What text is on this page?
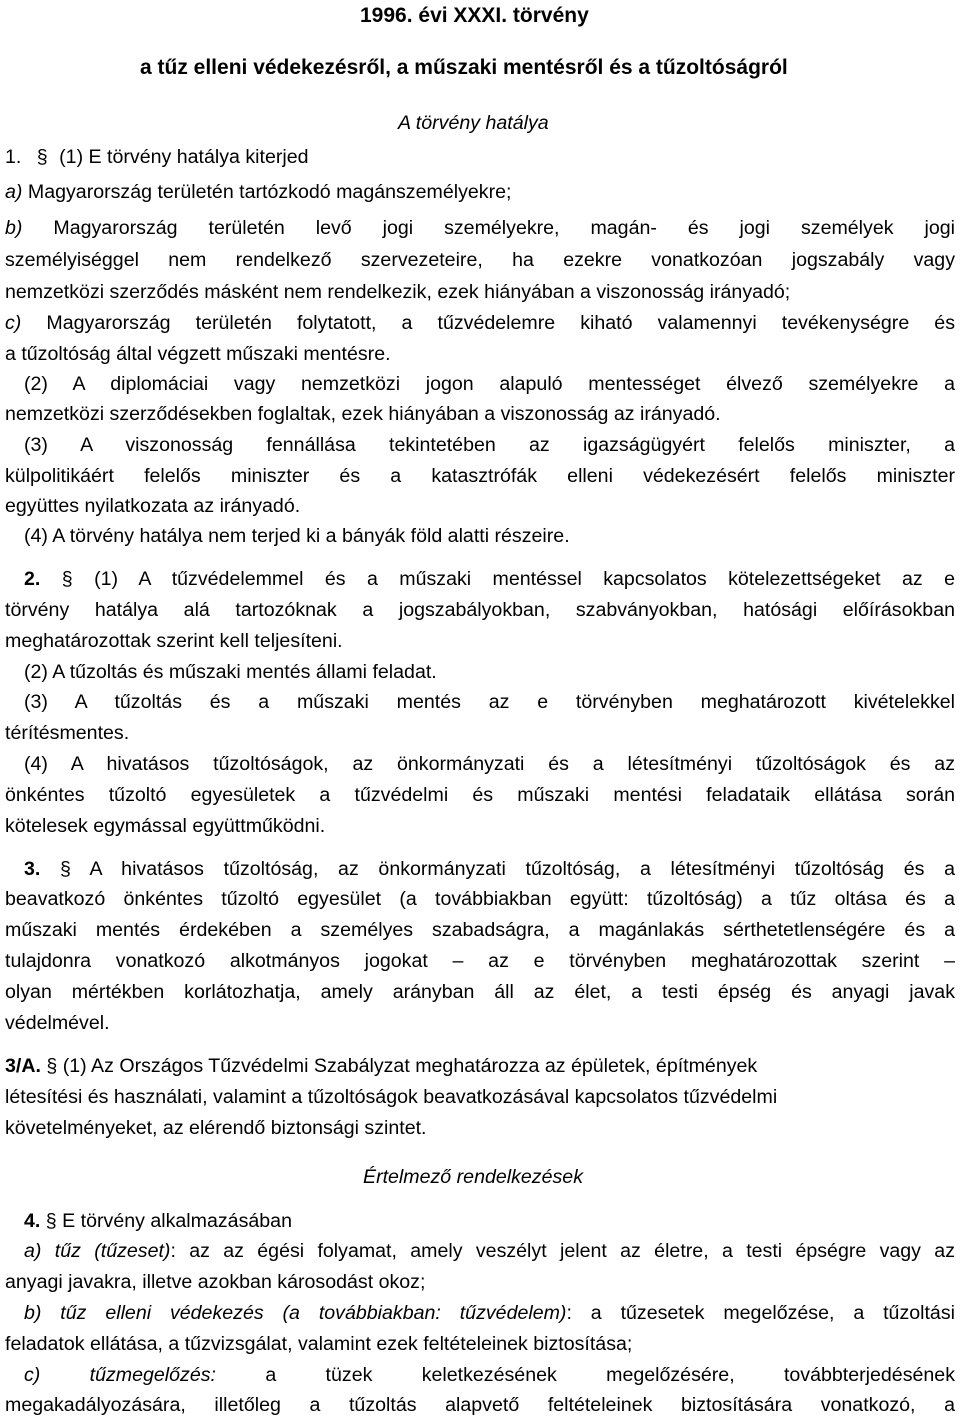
1996. évi XXXI. törvény
a tűz elleni védekezésről, a műszaki mentésről és a tűzoltóságról
A törvény hatálya
1. § (1) E törvény hatálya kiterjed
a) Magyarország területén tartózkodó magánszemélyekre;
b) Magyarország területén levő jogi személyekre, magán- és jogi személyek jogi
személyiséggel nem rendelkező szervezeteire, ha ezekre vonatkozóan jogszabály vagy
nemzetközi szerződés másként nem rendelkezik, ezek hiányában a viszonosság irányadó;
c) Magyarország területén folytatott, a tűzvédelemre kiható valamennyi tevékenységre és
a tűzoltóság által végzett műszaki mentésre.
(2) A diplomáciai vagy nemzetközi jogon alapuló mentességet élvező személyekre a
nemzetközi szerződésekben foglaltak, ezek hiányában a viszonosság az irányadó.
(3) A viszonosság fennállása tekintetében az igazságügyért felelős miniszter, a
külpolitikáért felelős miniszter és a katasztrófák elleni védekezésért felelős miniszter
együttes nyilatkozata az irányadó.
(4) A törvény hatálya nem terjed ki a bányák föld alatti részeire.
2. § (1) A tűzvédelemmel és a műszaki mentéssel kapcsolatos kötelezettségeket az e
törvény hatálya alá tartozóknak a jogszabályokban, szabványokban, hatósági előírásokban
meghatározottak szerint kell teljesíteni.
(2) A tűzoltás és műszaki mentés állami feladat.
(3) A tűzoltás és a műszaki mentés az e törvényben meghatározott kivételekkel
térítésmentes.
(4) A hivatásos tűzoltóságok, az önkormányzati és a létesítményi tűzoltóságok és az
önkéntes tűzoltó egyesületek a tűzvédelmi és műszaki mentési feladataik ellátása során
kötelesek egymással együttműködni.
3. § A hivatásos tűzoltóság, az önkormányzati tűzoltóság, a létesítményi tűzoltóság és a
beavatkozó önkéntes tűzoltó egyesület (a továbbiakban együtt: tűzoltóság) a tűz oltása és a
műszaki mentés érdekében a személyes szabadságra, a magánlakás sérthetetlenségére és a
tulajdonra vonatkozó alkotmányos jogokat – az e törvényben meghatározottak szerint –
olyan mértékben korlátozhatja, amely arányban áll az élet, a testi épség és anyagi javak
védelmével.
3/A. § (1) Az Országos Tűzvédelmi Szabályzat meghatározza az épületek, építmények
létesítési és használati, valamint a tűzoltóságok beavatkozásával kapcsolatos tűzvédelmi
követelményeket, az elérendő biztonsági szintet.
Értelmező rendelkezések
4. § E törvény alkalmazásában
a) tűz (tűzeset): az az égési folyamat, amely veszélyt jelent az életre, a testi épségre vagy az
anyagi javakra, illetve azokban károsodást okoz;
b) tűz elleni védekezés (a továbbiakban: tűzvédelem): a tűzesetek megelőzése, a tűzoltási
feladatok ellátása, a tűzvizsgálat, valamint ezek feltételeinek biztosítása;
c) tűzmegelőzés: a tüzek keletkezésének megelőzésére, továbbterjedésének
megakadályozására, illetőleg a tűzoltás alapvető feltételeinek biztosítására vonatkozó, a
